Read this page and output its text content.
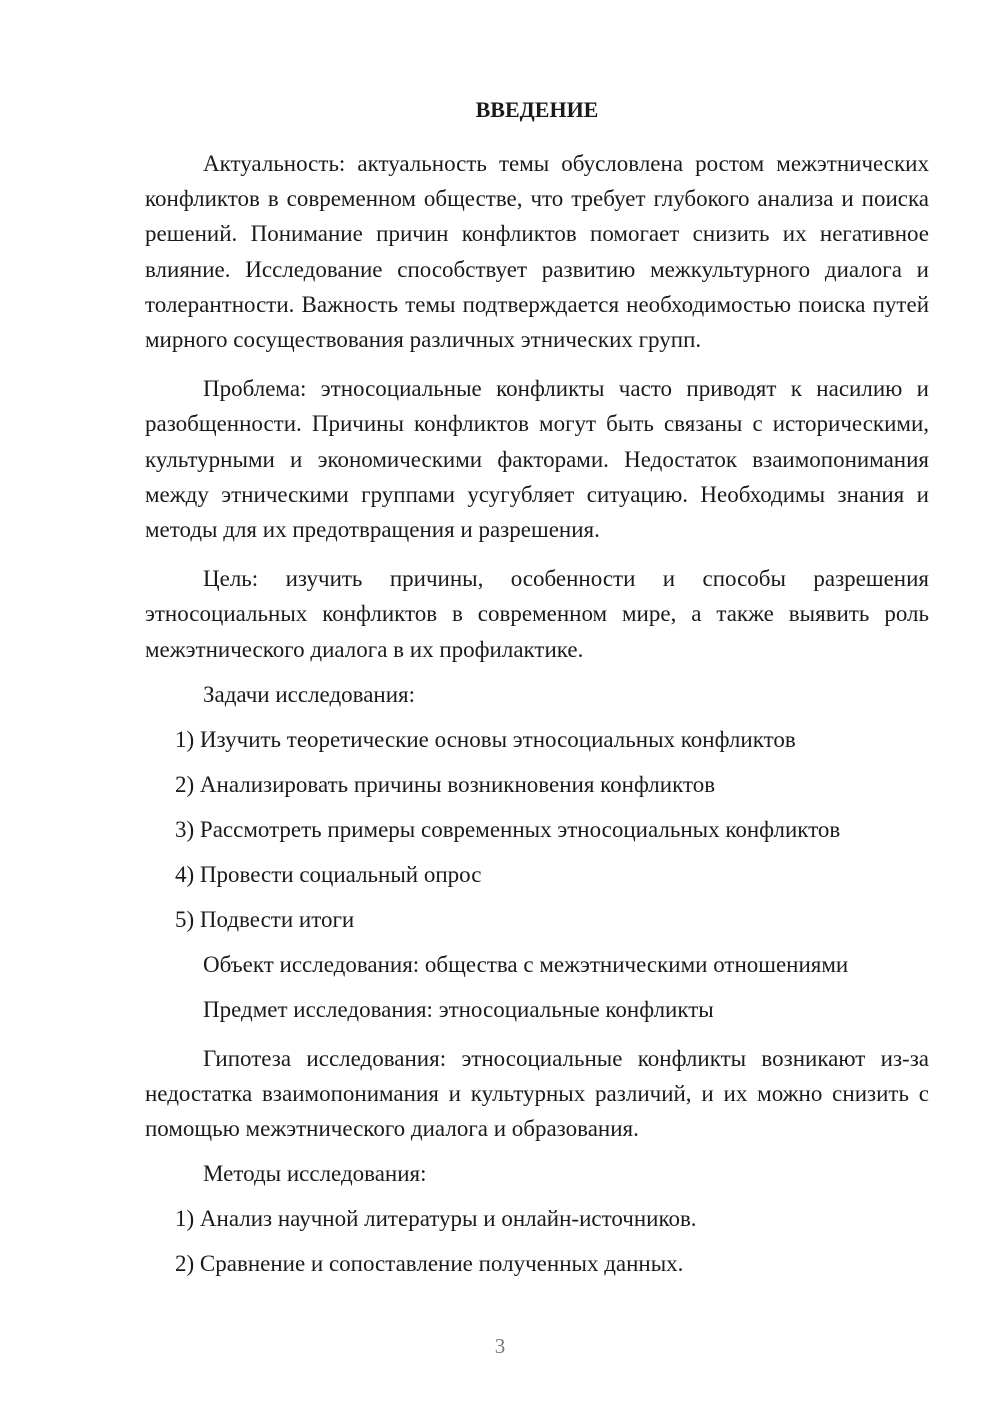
ВВЕДЕНИЕ

Актуальность: актуальность темы обусловлена ростом межэтнических конфликтов в современном обществе, что требует глубокого анализа и поиска решений. Понимание причин конфликтов помогает снизить их негативное влияние. Исследование способствует развитию межкультурного диалога и толерантности. Важность темы подтверждается необходимостью поиска путей мирного сосуществования различных этнических групп.

Проблема: этносоциальные конфликты часто приводят к насилию и разобщенности. Причины конфликтов могут быть связаны с историческими, культурными и экономическими факторами. Недостаток взаимопонимания между этническими группами усугубляет ситуацию. Необходимы знания и методы для их предотвращения и разрешения.

Цель: изучить причины, особенности и способы разрешения этносоциальных конфликтов в современном мире, а также выявить роль межэтнического диалога в их профилактике.

Задачи исследования:
1) Изучить теоретические основы этносоциальных конфликтов
2) Анализировать причины возникновения конфликтов
3) Рассмотреть примеры современных этносоциальных конфликтов
4) Провести социальный опрос
5) Подвести итоги
Объект исследования: общества с межэтническими отношениями
Предмет исследования: этносоциальные конфликты

Гипотеза исследования: этносоциальные конфликты возникают из-за недостатка взаимопонимания и культурных различий, и их можно снизить с помощью межэтнического диалога и образования.

Методы исследования:
1) Анализ научной литературы и онлайн-источников.
2) Сравнение и сопоставление полученных данных.
3
